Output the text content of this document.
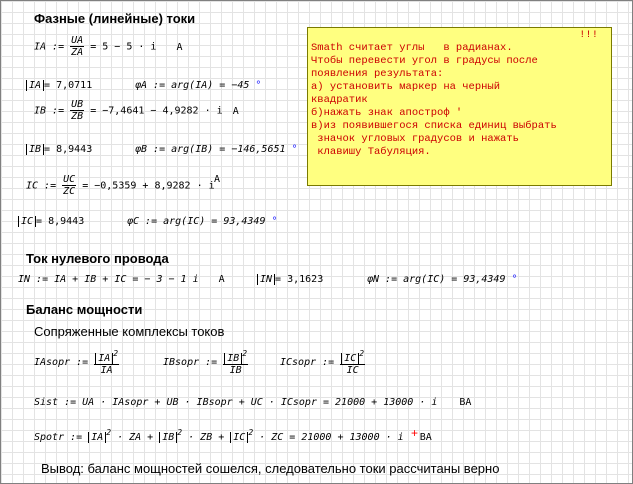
Фазные (линейные) токи
IA := $\frac{UA}{ZA} = 5 - 5 \cdot i$ A
IA = 7,0711	φA := arg(IA) = −45 °
IB := $\frac{UB}{ZB} = -7,4641 - 4,9282 \cdot i$ A
IB = 8,9443	φB := arg(IB) = −146,5651 °
IC := $\frac{UC}{ZC} = -0,5359 + 8,9282 \cdot i$
A
IC = 8,9443	φC := arg(IC) = 93,4349 °
!!!
Smath считает углы   в радианах.
Чтобы перевести угол в градусы после
появления результата:
а) установить маркер на черный
квадратик
б)нажать знак апостроф '
в)из появившегося списка единиц выбрать
значок угловых градусов и нажать
клавишу Табуляция.
Ток нулевого провода
IN := IA + IB + IC = − 3 − 1 i A	IN = 3,1623	φN := arg(IC) = 93,4349 °
Баланс мощности
Сопряженные комплексы токов
IAsopr := $\frac{IA ^2}{IA}$	IBsopr := $\frac{IB ^2}{IB}$	ICsopr := $\frac{IC ^2}{IC}$
Sist := UA · IAsopr + UB · IBsopr + UC · ICsopr = 21000 + 13000 · i BA
Spotr := IA $^2$ · ZA + IB $^2$ · ZB + IC $^2$ · ZC = 21000 + 13000 · i BA
+
Вывод: баланс мощностей сошелся, следовательно токи рассчитаны верно
